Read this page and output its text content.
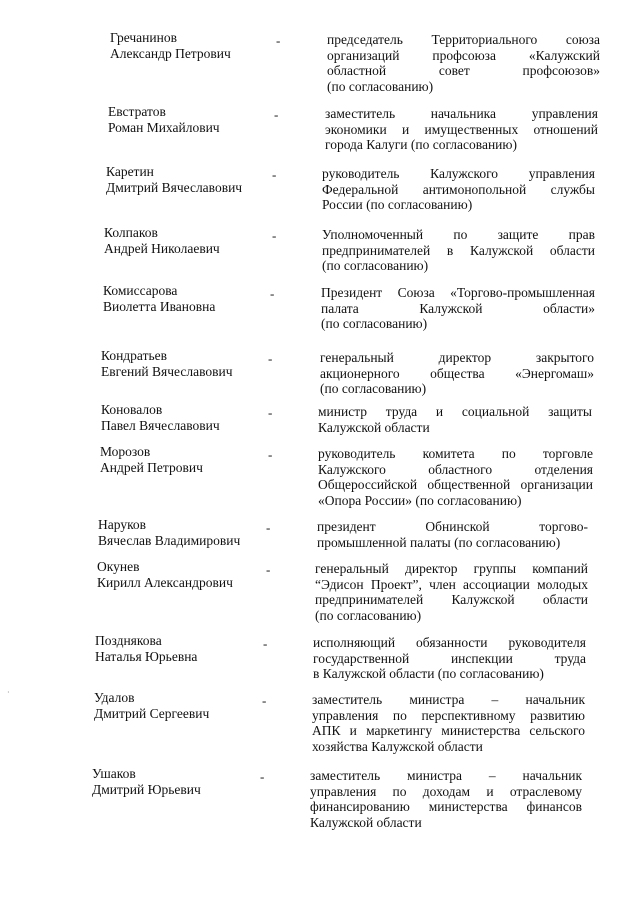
Гречанинов
Александр Петрович
-	председатель Территориального союза
организаций профсоюза «Калужский
областной совет профсоюзов»
(по согласованию)
Евстратов
Роман Михайлович
-	заместитель начальника управления
экономики и имущественных отношений
города Калуги (по согласованию)
Каретин
Дмитрий Вячеславович
-	руководитель Калужского управления
Федеральной антимонопольной службы
России (по согласованию)
Колпаков
Андрей Николаевич
-	Уполномоченный по защите прав
предпринимателей в Калужской области
(по согласованию)
Комиссарова
Виолетта Ивановна
-	Президент Союза «Торгово-промышленная
палата Калужской области»
(по согласованию)
Кондратьев
Евгений Вячеславович
-	генеральный директор закрытого
акционерного общества «Энергомаш»
(по согласованию)
Коновалов
Павел Вячеславович
-	министр труда и социальной защиты
Калужской области
Морозов
Андрей Петрович
-	руководитель комитета по торговле
Калужского областного отделения
Общероссийской общественной организации
«Опора России» (по согласованию)
Наруков
Вячеслав Владимирович
-	президент Обнинской торгово-
промышленной палаты (по согласованию)
Окунев
Кирилл Александрович
-	генеральный директор группы компаний
“Эдисон Проект”, член ассоциации молодых
предпринимателей Калужской области
(по согласованию)
Позднякова
Наталья Юрьевна
-	исполняющий обязанности руководителя
государственной инспекции труда
в Калужской области (по согласованию)
Удалов
Дмитрий Сергеевич
-	заместитель министра – начальник
управления по перспективному развитию
АПК и маркетингу министерства сельского
хозяйства Калужской области
Ушаков
Дмитрий Юрьевич
-	заместитель министра – начальник
управления по доходам и отраслевому
финансированию министерства финансов
Калужской области
·
